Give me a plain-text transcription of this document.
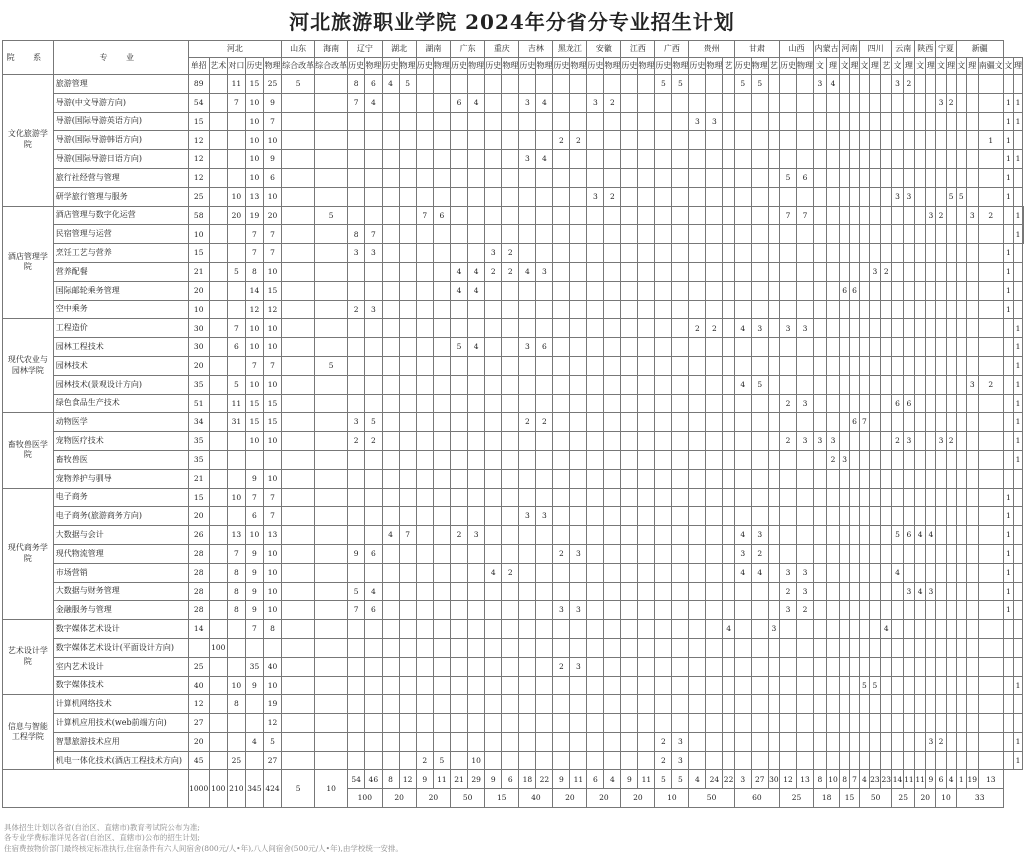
河北旅游职业学院 2024年分省分专业招生计划
院 系	专 业	河北					山东	海南	辽宁		湖北		湖南		广东		重庆		吉林		黑龙江		安徽		江西		广西		贵州			甘肃			山西		内蒙古		河南		四川			云南		陕西		宁夏		新疆					
		单招	艺术	对口	历史	物理	综合改革	综合改革	历史	物理	历史	物理	历史	物理	历史	物理	历史	物理	历史	物理	历史	物理	历史	物理	历史	物理	历史	物理	历史	物理	艺	历史	物理	艺	历史	物理	文	理	文	理	文	理	艺	文	理	文	理	文	理	文	理	南疆文	文	理	
文化旅游学院	旅游管理	89		11	15	25	5		8	6	4	5															5	5				5	5				3	4						3	2										
	导游(中文导游方向)	54		7	10	9			7	4					6	4			3	4			3	2																								3	2				1	1	
	导游(国际导游英语方向)	15			10	7																							3	3																							1	1	
	导游(国际导游韩语方向)	12			10	10															2	2																														1	1		
	导游(国际导游日语方向)	12			10	9													3	4																																	1	1	
	旅行社经营与管理	12			10	6																													5	6																	1		
	研学旅行管理与服务	25		10	13	10																	3	2																				3	3				5	5			1		
酒店管理学院	酒店管理与数字化运营	58		20	19	20		5					7	6																					7	7											3	2			3	2		1	
	民宿管理与运营	10			7	7			8	7																																												1	
	烹饪工艺与营养	15			7	7			3	3							3	2																																			1		
	营养配餐	21		5	8	10									4	4	2	2	4	3																						3	2										1		
	国际邮轮乘务管理	20			14	15									4	4																							6	6													1		
	空中乘务	10			12	12			2	3																																											1		
现代农业与园林学院	工程造价	30		7	10	10																							2	2		4	3		3	3																		1	
	园林工程技术	30		6	10	10									5	4			3	6																																		1	
	园林技术	20			7	7		5																																														1	
	园林技术(景观设计方向)	35		5	10	10																										4	5																		3	2		1	
	绿色食品生产技术	51		11	15	15																													2	3								6	6									1	
畜牧兽医学院	动物医学	34		31	15	15			3	5									2	2																				6	7													1	
	宠物医疗技术	35			10	10			2	2																									2	3	3	3						2	3			3	2					1	
	畜牧兽医	35																																				2	3															1	
	宠物养护与驯导	21			9	10																																																	
现代商务学院	电子商务	15		10	7	7																																															1		
	电子商务(旅游商务方向)	20			6	7													3	3																																	1		
	大数据与会计	26		13	10	13					4	7			2	3																4	3											5	6	4	4						1		
	现代物流管理	28		7	9	10			9	6											2	3										3	2																				1		
	市场营销	28		8	9	10											4	2														4	4		3	3								4									1		
	大数据与财务管理	28		8	9	10			5	4																									2	3									3	4	3						1		
	金融服务与管理	28		8	9	10			7	6											3	3													3	2																	1		
艺术设计学院	数字媒体艺术设计	14			7	8																									4			3									4												
	数字媒体艺术设计(平面设计方向)		100																																																				
	室内艺术设计	25			35	40															2	3																																	
	数字媒体技术	40		10	9	10																																			5	5												1	
信息与智能工程学院	计算机网络技术	12		8		19																																																	
	计算机应用技术(web前端方向)	27				12																																																	
	智慧旅游技术应用	20			4	5																					2	3																			3	2						1	
	机电一体化技术(酒店工程技术方向)	45		25		27							2	5		10											2	3																										1	
		1000	100	210	345	424	5	10	54	46	8	12	9	11	21	29	9	6	18	22	9	11	6	4	9	11	5	5	4	24	22	3	27	30	12	13	8	10	8	7	4	23	23	14	11	11	9	6	4	1	19	13			
									100		20		20		50		15		40		20		20		20		10		50			60			25		18		15		50			25		20		10		33					
具体招生计划以各省(自治区、直辖市)教育考试院公布为准;
各专业学费标准详见各省(自治区、直辖市)公布的招生计划;
住宿费按物价部门最终核定标准执行,住宿条件有六人间宿舍(800元/人•年),八人间宿舍(500元/人•年),由学校统一安排。
